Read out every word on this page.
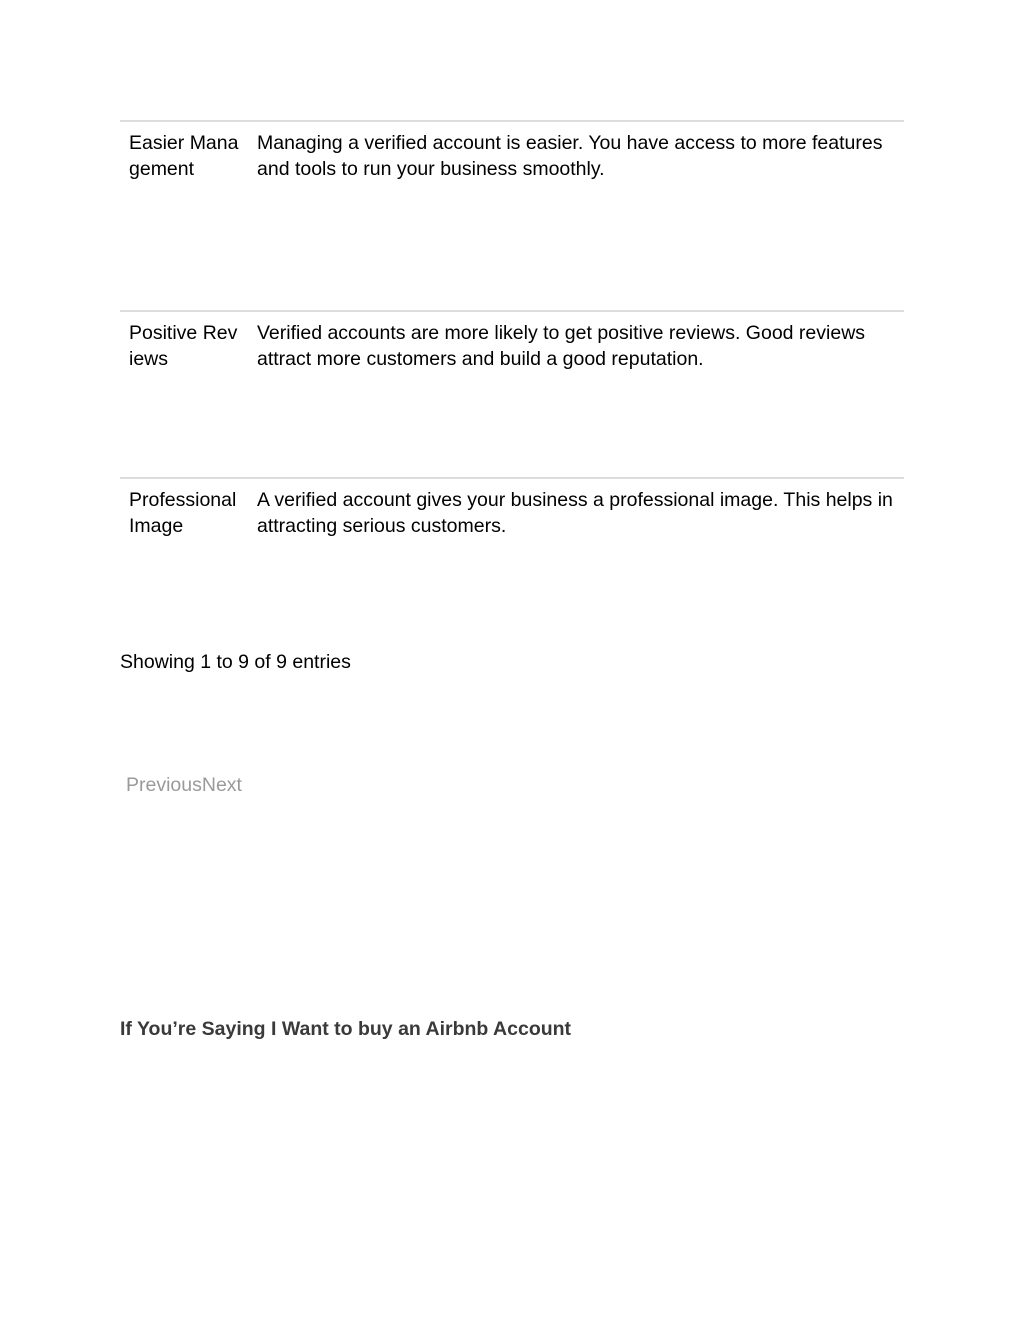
Easier Management
Managing a verified account is easier. You have access to more features and tools to run your business smoothly.
Positive Reviews
Verified accounts are more likely to get positive reviews. Good reviews attract more customers and build a good reputation.
Professional Image
A verified account gives your business a professional image. This helps in attracting serious customers.
Showing 1 to 9 of 9 entries
PreviousNext
If You’re Saying I Want to buy an Airbnb Account
